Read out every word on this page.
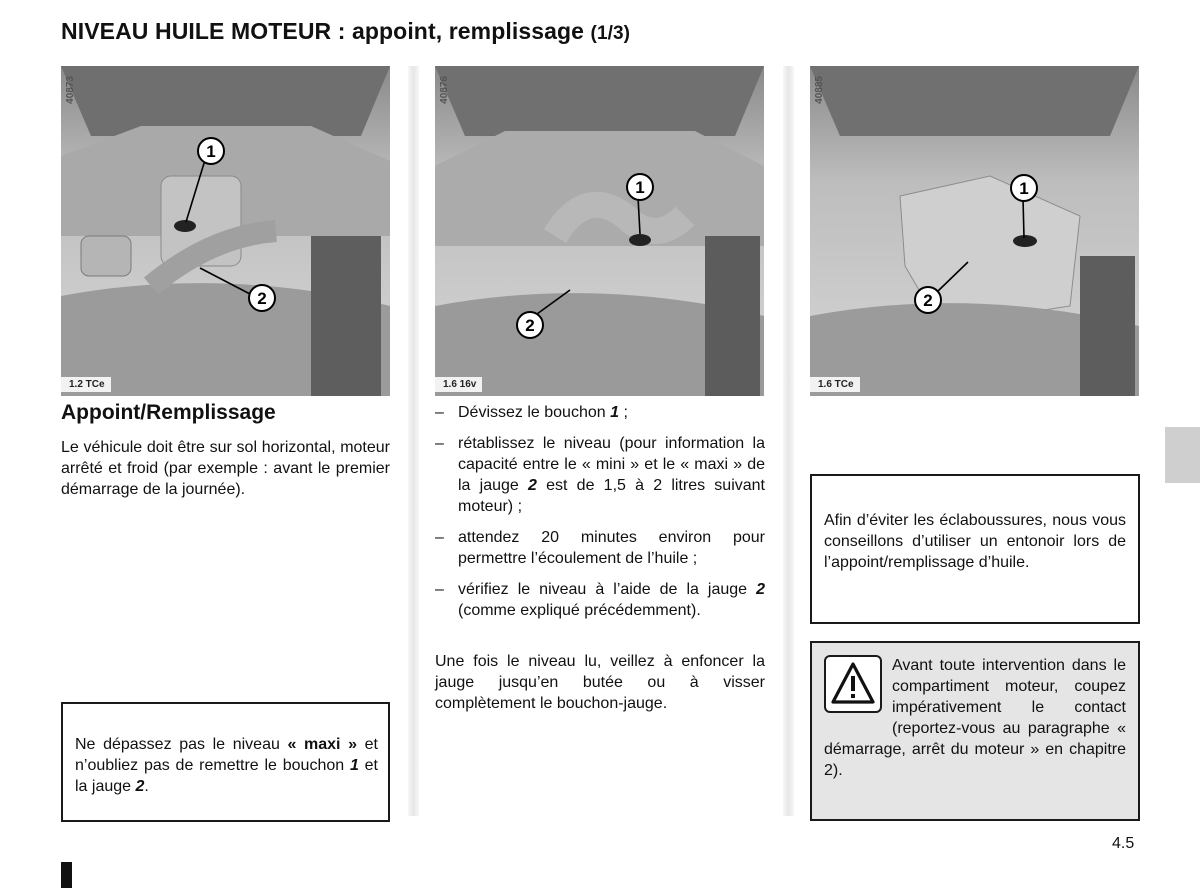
NIVEAU HUILE MOTEUR : appoint, remplissage (1/3)
40873
1.2 TCe
40876
1.6 16v
40885
1.6 TCe
1
2
1
2
1
2
Appoint/Remplissage
Le véhicule doit être sur sol horizontal, moteur arrêté et froid (par exemple : avant le premier démarrage de la journée).
Ne dépassez pas le niveau « maxi » et n’oubliez pas de remettre le bouchon 1 et la jauge 2.
– Dévissez le bouchon 1 ;
– rétablissez le niveau (pour information la capacité entre le « mini » et le « maxi » de la jauge 2 est de 1,5 à 2 litres suivant moteur) ;
– attendez 20 minutes environ pour permettre l’écoulement de l’huile ;
– vérifiez le niveau à l’aide de la jauge 2 (comme expliqué précédemment).
Une fois le niveau lu, veillez à enfoncer la jauge jusqu’en butée ou à visser complètement le bouchon-jauge.
Afin d’éviter les éclaboussures, nous vous conseillons d’utiliser un entonoir lors de l’appoint/remplissage d’huile.
Avant toute intervention dans le compartiment moteur, coupez impérativement le contact (reportez-vous au paragraphe « démarrage, arrêt du moteur » en chapitre 2).
4.5
